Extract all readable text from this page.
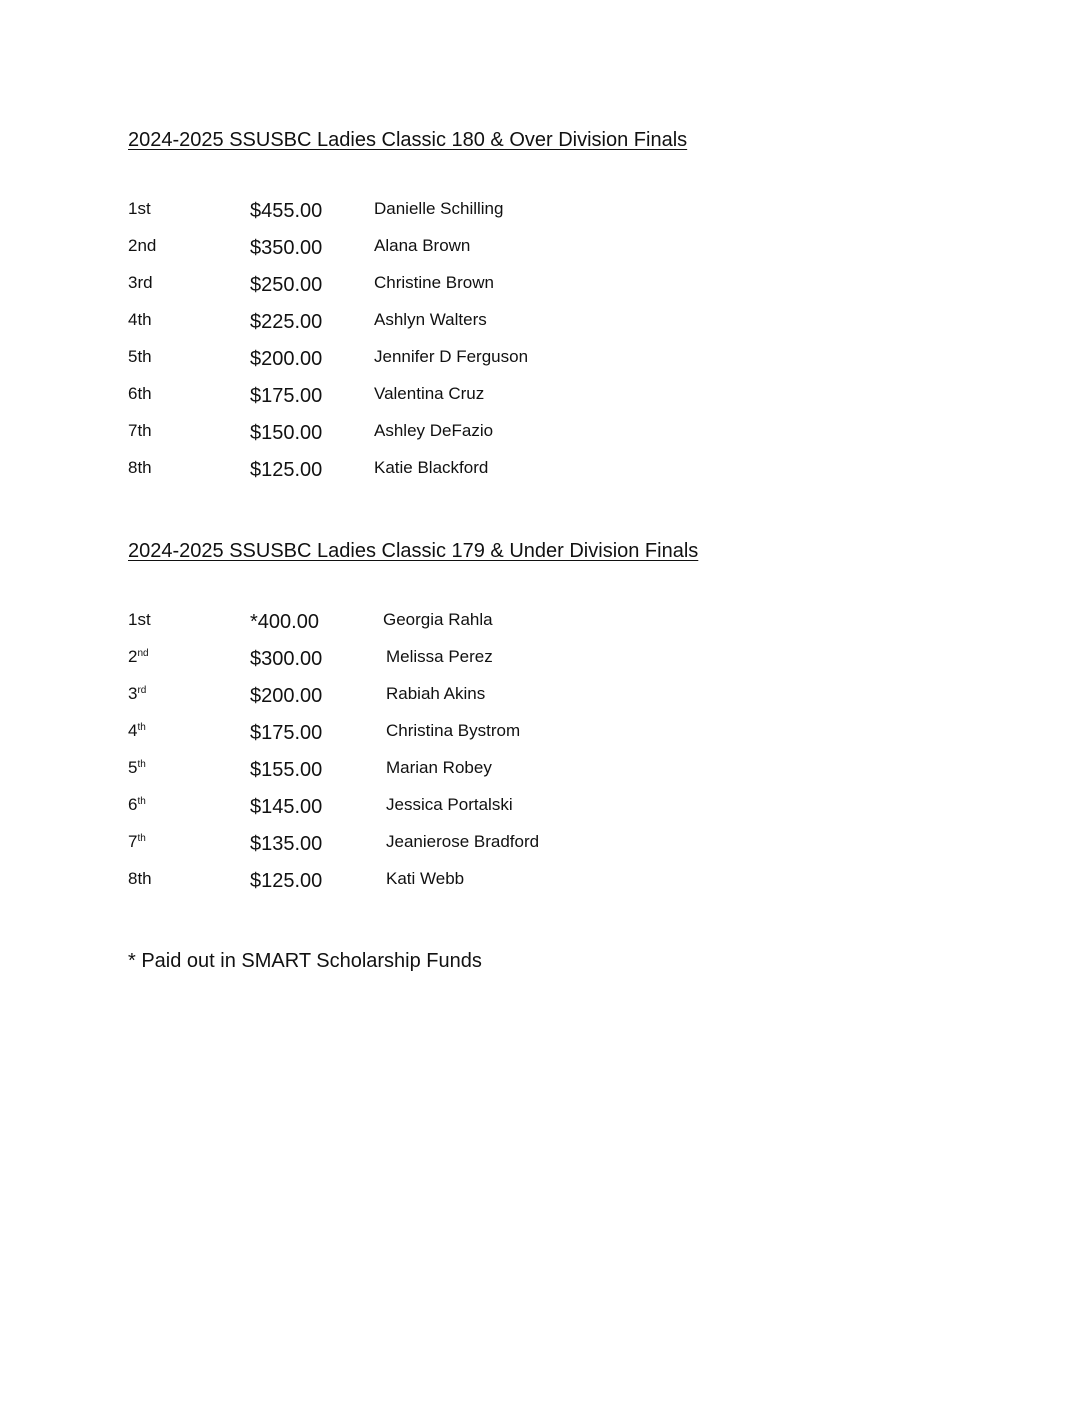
2024-2025 SSUSBC Ladies Classic 180 & Over Division Finals
1st	$455.00	Danielle Schilling
2nd	$350.00	Alana Brown
3rd	$250.00	Christine Brown
4th	$225.00	Ashlyn Walters
5th	$200.00	Jennifer D Ferguson
6th	$175.00	Valentina Cruz
7th	$150.00	Ashley DeFazio
8th	$125.00	Katie Blackford
2024-2025 SSUSBC Ladies Classic 179 & Under Division Finals
1st	*400.00	Georgia Rahla
2nd	$300.00	Melissa Perez
3rd	$200.00	Rabiah Akins
4th	$175.00	Christina Bystrom
5th	$155.00	Marian Robey
6th	$145.00	Jessica Portalski
7th	$135.00	Jeanierose Bradford
8th	$125.00	Kati Webb

* Paid out in SMART Scholarship Funds
